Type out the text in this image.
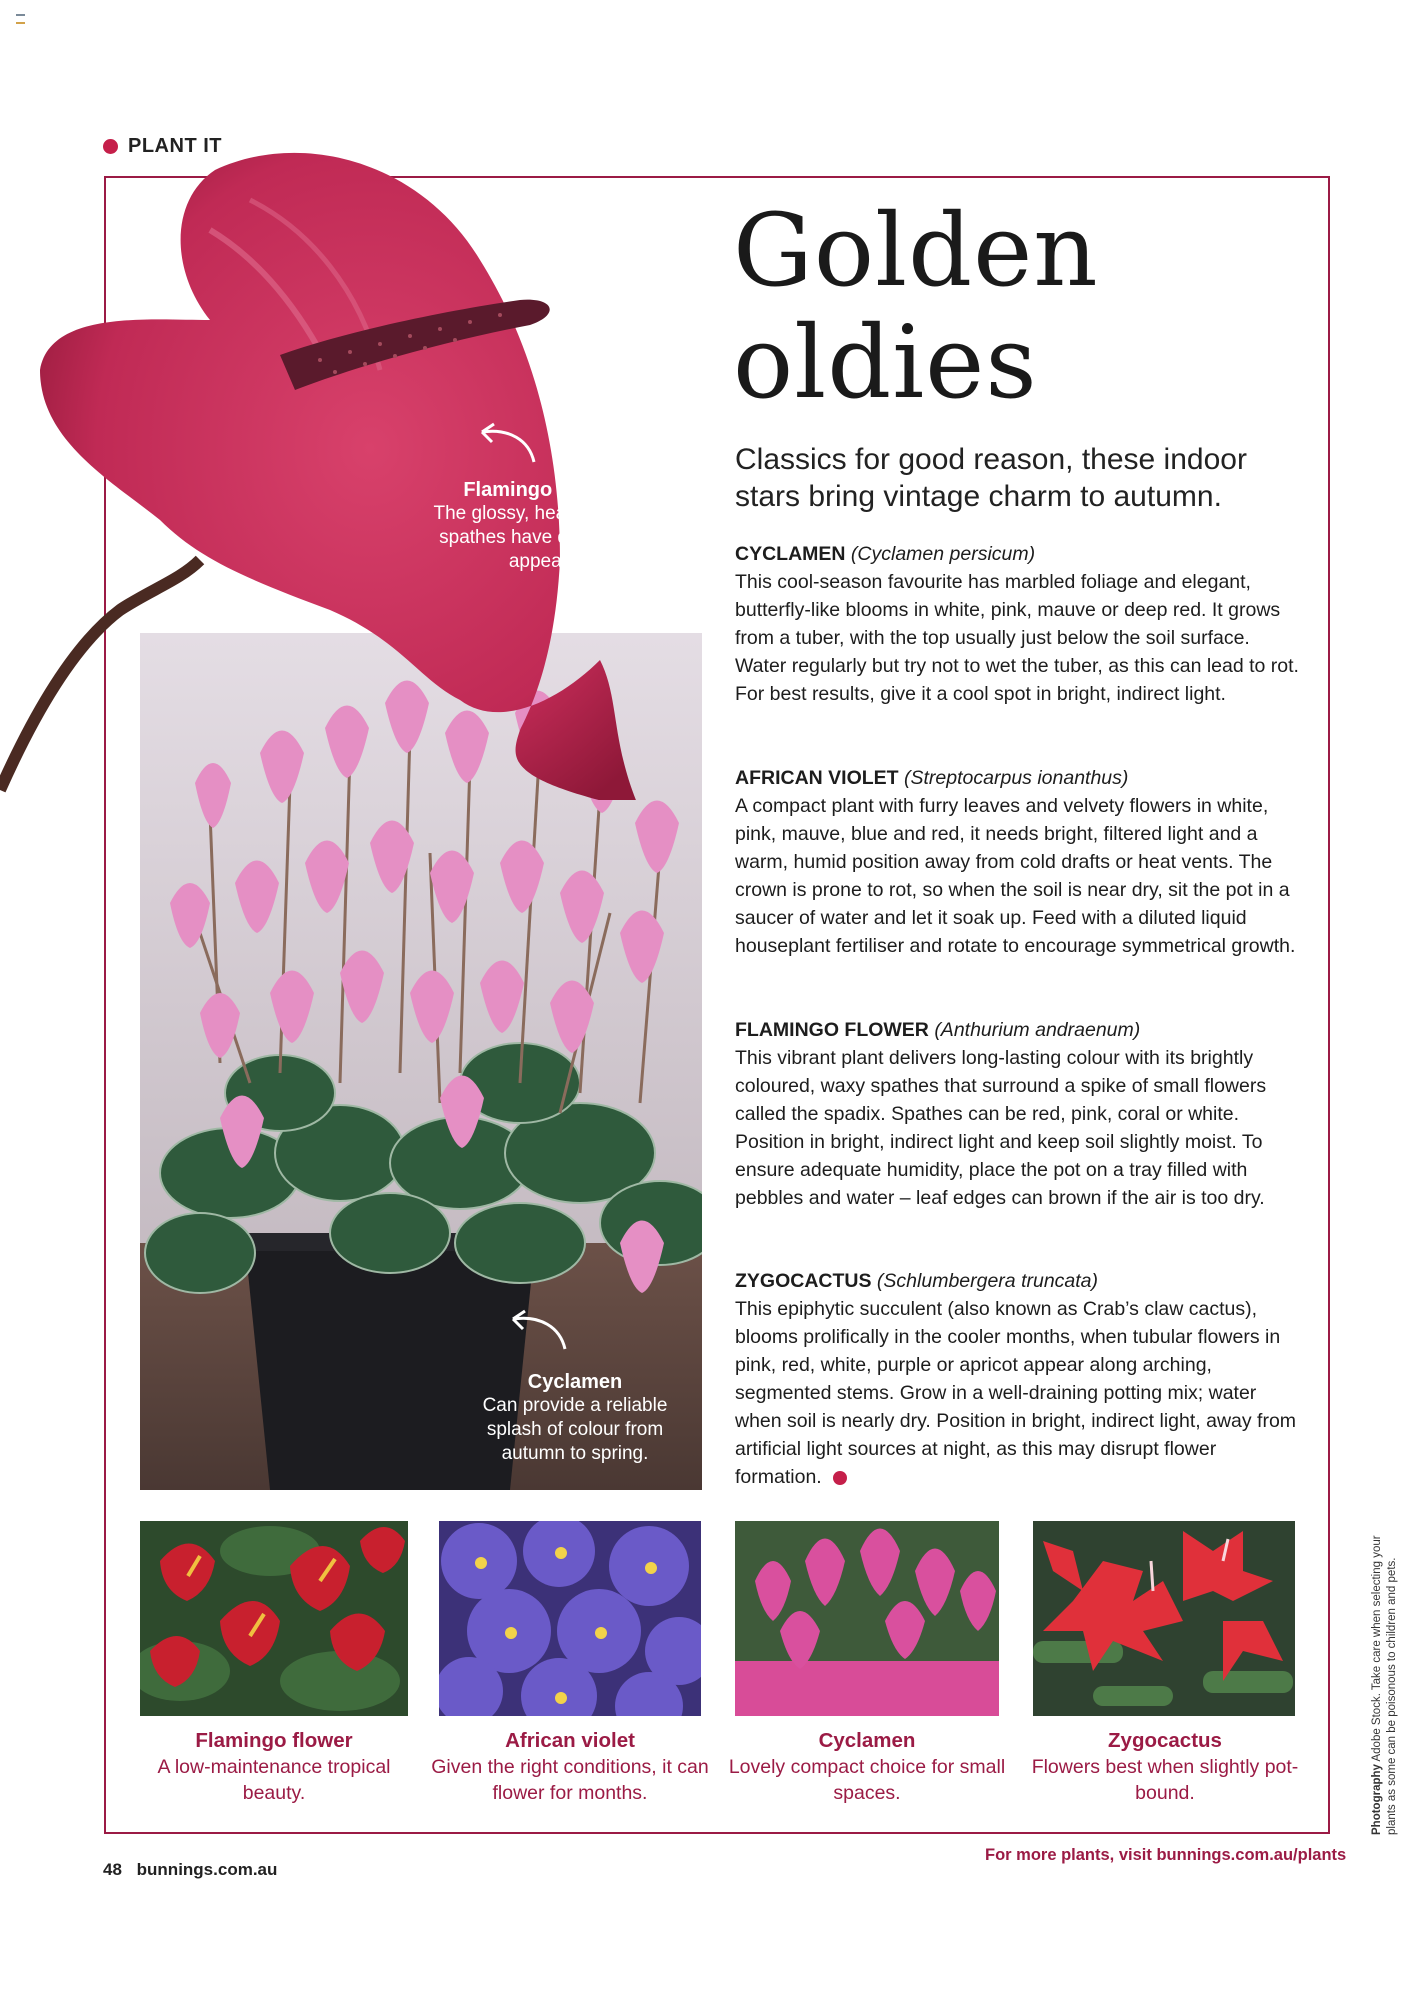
PLANT IT
Flamingo flower
The glossy, heart-shaped spathes have distinctive appeal.
Cyclamen
Can provide a reliable splash of colour from autumn to spring.
Golden
oldies
Classics for good reason, these indoor stars bring vintage charm to autumn.
CYCLAMEN (Cyclamen persicum)
This cool-season favourite has marbled foliage and elegant, butterfly-like blooms in white, pink, mauve or deep red. It grows from a tuber, with the top usually just below the soil surface. Water regularly but try not to wet the tuber, as this can lead to rot. For best results, give it a cool spot in bright, indirect light.
AFRICAN VIOLET (Streptocarpus ionanthus)
A compact plant with furry leaves and velvety flowers in white, pink, mauve, blue and red, it needs bright, filtered light and a warm, humid position away from cold drafts or heat vents. The crown is prone to rot, so when the soil is near dry, sit the pot in a saucer of water and let it soak up. Feed with a diluted liquid houseplant fertiliser and rotate to encourage symmetrical growth.
FLAMINGO FLOWER (Anthurium andraenum)
This vibrant plant delivers long-lasting colour with its brightly coloured, waxy spathes that surround a spike of small flowers called the spadix. Spathes can be red, pink, coral or white. Position in bright, indirect light and keep soil slightly moist. To ensure adequate humidity, place the pot on a tray filled with pebbles and water – leaf edges can brown if the air is too dry.
ZYGOCACTUS (Schlumbergera truncata)
This epiphytic succulent (also known as Crab’s claw cactus), blooms prolifically in the cooler months, when tubular flowers in pink, red, white, purple or apricot appear along arching, segmented stems. Grow in a well-draining potting mix; water when soil is nearly dry. Position in bright, indirect light, away from artificial light sources at night, as this may disrupt flower formation.
Flamingo flower
A low-maintenance tropical beauty.
African violet
Given the right conditions, it can flower for months.
Cyclamen
Lovely compact choice for small spaces.
Zygocactus
Flowers best when slightly pot-bound.
48 bunnings.com.au
For more plants, visit bunnings.com.au/plants
Photography Adobe Stock. Take care when selecting your plants as some can be poisonous to children and pets.
